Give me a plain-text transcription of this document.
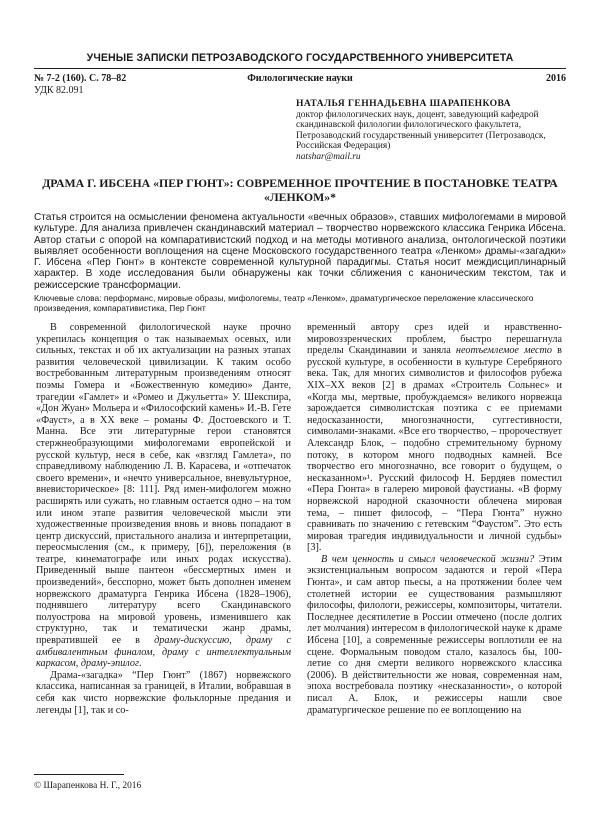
УЧЕНЫЕ ЗАПИСКИ ПЕТРОЗАВОДСКОГО ГОСУДАРСТВЕННОГО УНИВЕРСИТЕТА
№ 7-2 (160). С. 78–82	Филологические науки	2016
УДК 82.091
НАТАЛЬЯ ГЕННАДЬЕВНА ШАРАПЕНКОВА
доктор филологических наук, доцент, заведующий кафедрой скандинавской филологии филологического факультета, Петрозаводский государственный университет (Петрозаводск, Российская Федерация)
natshar@mail.ru
ДРАМА Г. ИБСЕНА «ПЕР ГЮНТ»: СОВРЕМЕННОЕ ПРОЧТЕНИЕ В ПОСТАНОВКЕ ТЕАТРА «ЛЕНКОМ»*
Статья строится на осмыслении феномена актуальности «вечных образов», ставших мифологемами в мировой культуре. Для анализа привлечен скандинавский материал – творчество норвежского классика Генрика Ибсена. Автор статьи с опорой на компаративистский подход и на методы мотивного анализа, онтологической поэтики выявляет особенности воплощения на сцене Московского государственного театра «Ленком» драмы-«загадки» Г. Ибсена «Пер Гюнт» в контексте современной культурной парадигмы. Статья носит междисциплинарный характер. В ходе исследования были обнаружены как точки сближения с каноническим текстом, так и режиссерские трансформации.
Ключевые слова: перформанс, мировые образы, мифологемы, театр «Ленком», драматургическое переложение классического произведения, компаративистика, Пер Гюнт

В современной филологической науке прочно укрепилась концепция о так называемых осевых, или сильных, текстах и об их актуализации на разных этапах развития человеческой цивилизации. К таким особо востребованным литературным произведениям относят поэмы Гомера и «Божественную комедию» Данте, трагедии «Гамлет» и «Ромео и Джульетта» У. Шекспира, «Дон Жуан» Мольера и «Философский камень» И.-В. Гете «Фауст», а в XX веке – романы Ф. Достоевского и Т. Манна. Все эти литературные герои становятся стержнеобразующими мифологемами европейской и русской культур, неся в себе, как «взгляд Гамлета», по справедливому наблюдению Л. В. Карасева, и «отпечаток своего времени», и «нечто универсальное, вневультурное, вневисторическое» [8: 111]. Ряд имен-мифологем можно расширять или сужать, но главным остается одно – на том или ином этапе развития человеческой мысли эти художественные произведения вновь и вновь попадают в центр дискуссий, пристального анализа и интерпретации, переосмысления (см., к примеру, [6]), переложения (в театре, кинематографе или иных родах искусства). Приведенный выше пантеон «бессмертных имен и произведений», бесспорно, может быть дополнен именем норвежского драматурга Генрика Ибсена (1828–1906), поднявшего литературу всего Скандинавского полуострова на мировой уровень, изменившего как структурно, так и тематически жанр драмы, превратившей ее в драму-дискуссию, драму с амбивалентным финалом, драму с интеллектуальным каркасом, драму-эпилог.

Драма-«загадка» “Пер Гюнт” (1867) норвежского классика, написанная за границей, в Италии, вобравшая в себя как чисто норвежские фольклорные предания и легенды [1], так и со-

временный автору срез идей и нравственно-мировоззренческих проблем, быстро перешагнула пределы Скандинавии и заняла неотъемлемое место в русской культуре, в особенности в культуре Серебряного века. Так, для многих символистов и философов рубежа XIX–XX веков [2] в драмах «Строитель Сольнес» и «Когда мы, мертвые, пробуждаемся» великого норвежца зарождается символистская поэтика с ее приемами недосказанности, многозначности, суггестивности, символами-знаками. «Все его творчество, – пророчествует Александр Блок, – подобно стремительному бурному потоку, в котором много подводных камней. Все творчество его многозначно, все говорит о будущем, о несказанном»¹. Русский философ Н. Бердяев поместил «Пера Гюнта» в галерею мировой фаустианы. «В форму норвежской народной сказочности облечена мировая тема, – пишет философ, – “Пера Гюнта” нужно сравнивать по значению с гетевским “Фаустом”. Это есть мировая трагедия индивидуальности и личной судьбы» [3].

В чем ценность и смысл человеческой жизни? Этим экзистенциальным вопросом задаются и герой «Пера Гюнта», и сам автор пьесы, а на протяжении более чем столетней истории ее существования размышляют философы, филологи, режиссеры, композиторы, читатели. Последнее десятилетие в России отмечено (после долгих лет молчания) интересом в филологической науке к драме Ибсена [10], а современные режиссеры воплотили ее на сцене. Формальным поводом стало, казалось бы, 100-летие со дня смерти великого норвежского классика (2006). В действительности же новая, современная нам, эпоха востребовала поэтику «несказанности», о которой писал А. Блок, и режиссеры нашли свое драматургическое решение по ее воплощению на

© Шарапенкова Н. Г., 2016
